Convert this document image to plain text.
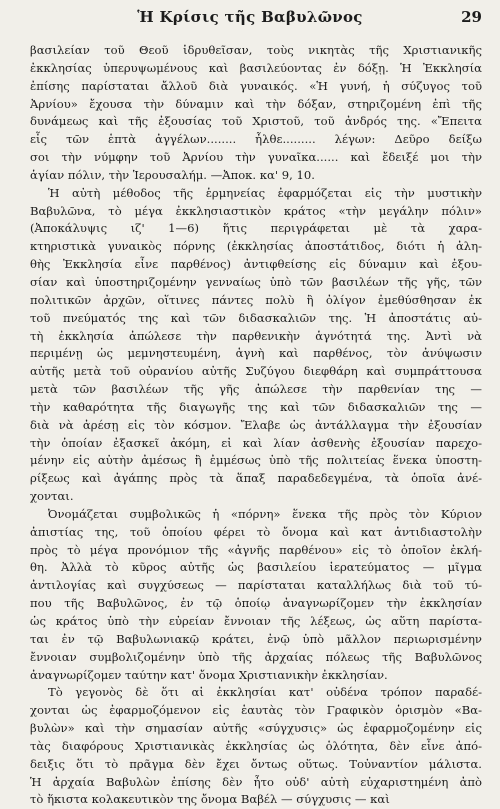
Ἡ Κρίσις τῆς Βαβυλῶνος	29
βασιλείαν τοῦ Θεοῦ ἱδρυθεῖσαν, τοὺς νικητὰς τῆς Χριστιανικῆς
ἐκκλησίας ὑπερυψωμένους καὶ βασιλεύοντας ἐν δόξῃ. Ἡ Ἐκκλησία
ἐπίσης παρίσταται ἄλλοῦ διὰ γυναικός. «Ἡ γυνή, ἡ σύζυγος τοῦ
Ἀρνίου» ἔχουσα τὴν δύναμιν καὶ τὴν δόξαν, στηριζομένη ἐπὶ τῆς
δυνάμεως καὶ τῆς ἐξουσίας τοῦ Χριστοῦ, τοῦ ἀνδρός της. «Ἔπειτα
εἷς τῶν ἑπτὰ ἀγγέλων........ ἦλθε......... λέγων: Δεῦρο δείξω
σοι τὴν νύμφην τοῦ Ἀρνίου τὴν γυναῖκα...... καὶ ἔδειξέ μοι τὴν
ἁγίαν πόλιν, τὴν Ἱερουσαλήμ. —Ἀποκ. κα' 9, 10.
Ἡ αὐτὴ μέθοδος τῆς ἑρμηνείας ἐφαρμόζεται εἰς τὴν μυστικὴν
Βαβυλῶνα, τὸ μέγα ἐκκλησιαστικὸν κράτος «τὴν μεγάλην πόλιν»
(Ἀποκάλυψις ιζ' 1—6) ἥτις περιγράφεται μὲ τὰ χαρα-
κτηριστικὰ γυναικὸς πόρνης (ἐκκλησίας ἀποστάτιδος, διότι ἡ ἀλη-
θὴς Ἐκκλησία εἶνε παρθένος) ἀντιφθείσης εἰς δύναμιν καὶ ἐξου-
σίαν καὶ ὑποστηριζομένην γενναίως ὑπὸ τῶν βασιλέων τῆς γῆς, τῶν
πολιτικῶν ἀρχῶν, οἵτινες πάντες πολὺ ἢ ὀλίγον ἐμεθύσθησαν ἐκ
τοῦ πνεύματός της καὶ τῶν διδασκαλιῶν της. Ἡ ἀποστάτις αὐ-
τὴ ἐκκλησία ἀπώλεσε τὴν παρθενικὴν ἁγνότητά της. Ἀντὶ νὰ
περιμένῃ ὡς μεμνηστευμένη, ἁγνὴ καὶ παρθένος, τὸν ἀνύψωσιν
αὐτῆς μετὰ τοῦ οὐρανίου αὐτῆς Συζύγου διεφθάρη καὶ συμπράττουσα
μετὰ τῶν βασιλέων τῆς γῆς ἀπώλεσε τὴν παρθενίαν της —
τὴν καθαρότητα τῆς διαγωγῆς της καὶ τῶν διδασκαλιῶν της —
διὰ νὰ ἀρέσῃ εἰς τὸν κόσμον. Ἔλαβε ὡς ἀντάλλαγμα τὴν ἐξουσίαν
τὴν ὁποίαν ἐξασκεῖ ἀκόμη, εἰ καὶ λίαν ἀσθενὴς ἐξουσίαν παρεχο-
μένην εἰς αὐτὴν ἀμέσως ἢ ἐμμέσως ὑπὸ τῆς πολιτείας ἕνεκα ὑποστη-
ρίξεως καὶ ἀγάπης πρὸς τὰ ἅπαξ παραδεδεγμένα, τὰ ὁποῖα ἀνέ-
χονται.
Ὀνομάζεται συμβολικῶς ἡ «πόρνη» ἕνεκα τῆς πρὸς τὸν Κύριον
ἀπιστίας της, τοῦ ὁποίου φέρει τὸ ὄνομα καὶ κατ ἀντιδιαστολὴν
πρὸς τὸ μέγα προνόμιον τῆς «ἁγνῆς παρθένου» εἰς τὸ ὁποῖον ἐκλή-
θη. Ἀλλὰ τὸ κῦρος αὐτῆς ὡς βασιλείου ἱερατεύματος — μῖγμα
ἀντιλογίας καὶ συγχύσεως — παρίσταται καταλλήλως διὰ τοῦ τύ-
που τῆς Βαβυλῶνος, ἐν τῷ ὁποίῳ ἀναγνωρίζομεν τὴν ἐκκλησίαν
ὡς κράτος ὑπὸ τὴν εὐρείαν ἔννοιαν τῆς λέξεως, ὡς αὕτη παρίστα-
ται ἐν τῷ Βαβυλωνιακῷ κράτει, ἐνῷ ὑπὸ μᾶλλον περιωρισμένην
ἔννοιαν συμβολιζομένην ὑπὸ τῆς ἀρχαίας πόλεως τῆς Βαβυλῶνος
ἀναγνωρίζομεν ταύτην κατ' ὄνομα Χριστιανικὴν ἐκκλησίαν.
Τὸ γεγονὸς δὲ ὅτι αἱ ἐκκλησίαι κατ' οὐδένα τρόπον παραδέ-
χονται ὡς ἐφαρμοζόμενον εἰς ἑαυτὰς τὸν Γραφικὸν ὁρισμὸν «Βα-
βυλὼν» καὶ τὴν σημασίαν αὐτῆς «σύγχυσις» ὡς ἐφαρμοζομένην εἰς
τὰς διαφόρους Χριστιανικὰς ἐκκλησίας ὡς ὁλότητα, δὲν εἶνε ἀπό-
δειξις ὅτι τὸ πρᾶγμα δὲν ἔχει ὄντως οὕτως. Τοὐναντίον μάλιστα.
Ἡ ἀρχαία Βαβυλὼν ἐπίσης δὲν ἦτο οὐδ' αὐτὴ εὐχαριστημένη ἀπὸ
τὸ ἥκιστα κολακευτικὸν της ὄνομα Βαβέλ — σύγχυσις — καὶ
